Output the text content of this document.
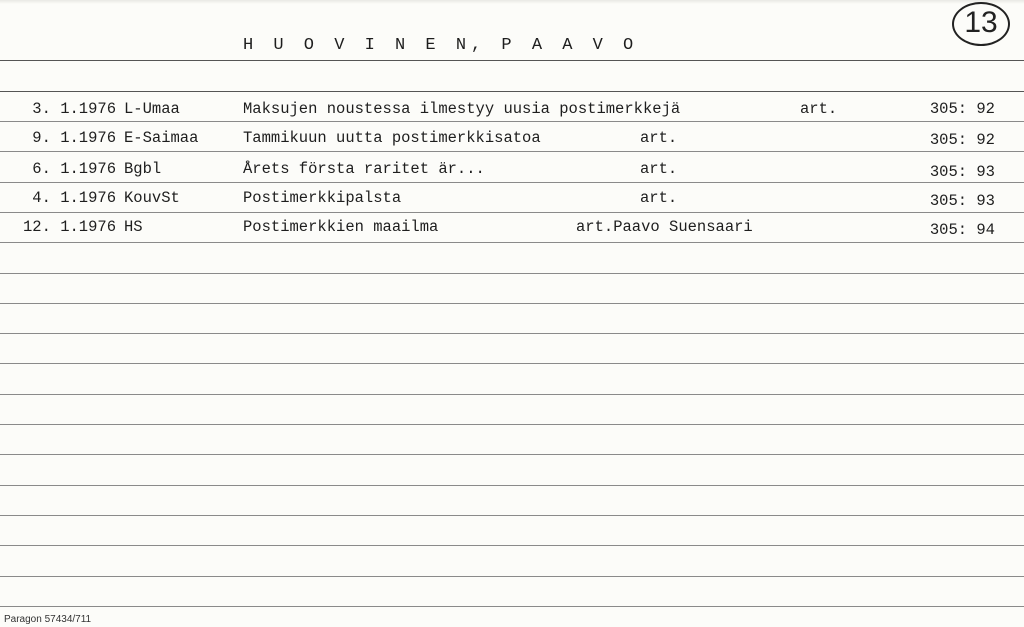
H U O V I N E N, P A A V O
13
3. 1.1976 L-Umaa	Maksujen noustessa ilmestyy uusia postimerkkejä	art.	305: 92
9. 1.1976 E-Saimaa	Tammikuun uutta postimerkkisatoa	art.	305: 92
6. 1.1976 Bgbl	Årets första raritet är...	art.	305: 93
4. 1.1976 KouvSt	Postimerkkipalsta	art.	305: 93
12. 1.1976 HS	Postimerkkien maailma	art.Paavo Suensaari	305: 94
Paragon 57434/711
